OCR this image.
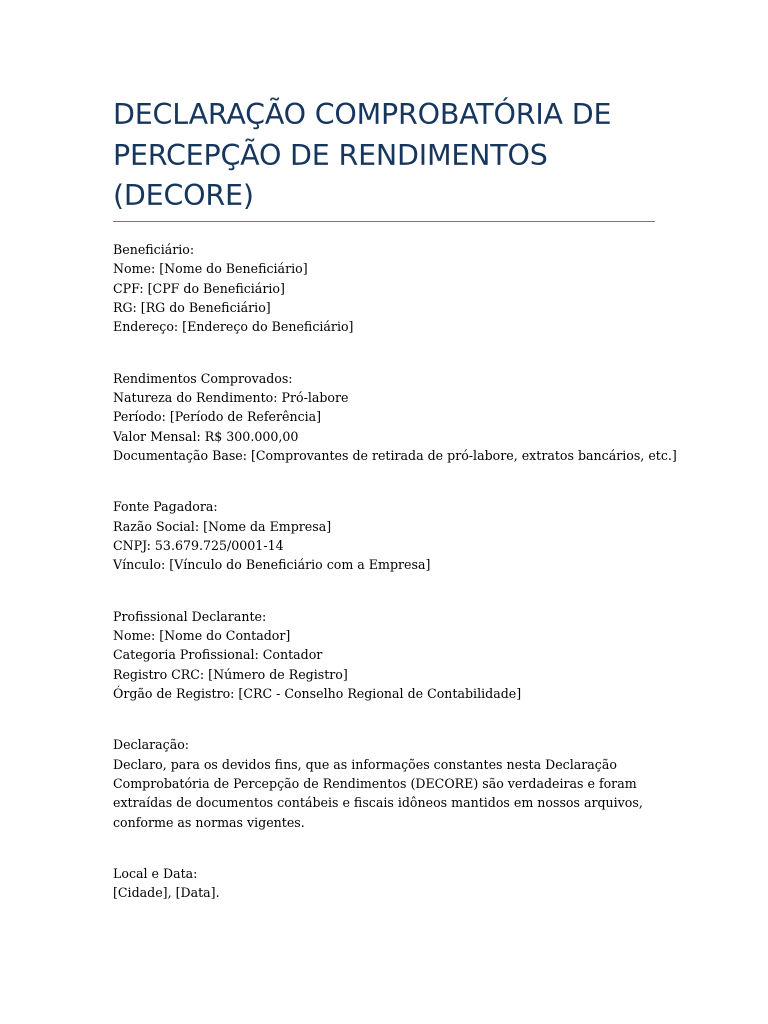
DECLARAÇÃO COMPROBATÓRIA DE PERCEPÇÃO DE RENDIMENTOS (DECORE)
Beneficiário:
Nome: [Nome do Beneficiário]
CPF: [CPF do Beneficiário]
RG: [RG do Beneficiário]
Endereço: [Endereço do Beneficiário]
Rendimentos Comprovados:
Natureza do Rendimento: Pró-labore
Período: [Período de Referência]
Valor Mensal: R$ 300.000,00
Documentação Base: [Comprovantes de retirada de pró-labore, extratos bancários, etc.]
Fonte Pagadora:
Razão Social: [Nome da Empresa]
CNPJ: 53.679.725/0001-14
Vínculo: [Vínculo do Beneficiário com a Empresa]
Profissional Declarante:
Nome: [Nome do Contador]
Categoria Profissional: Contador
Registro CRC: [Número de Registro]
Órgão de Registro: [CRC - Conselho Regional de Contabilidade]
Declaração:
Declaro, para os devidos fins, que as informações constantes nesta Declaração Comprobatória de Percepção de Rendimentos (DECORE) são verdadeiras e foram extraídas de documentos contábeis e fiscais idôneos mantidos em nossos arquivos, conforme as normas vigentes.
Local e Data:
[Cidade], [Data].
